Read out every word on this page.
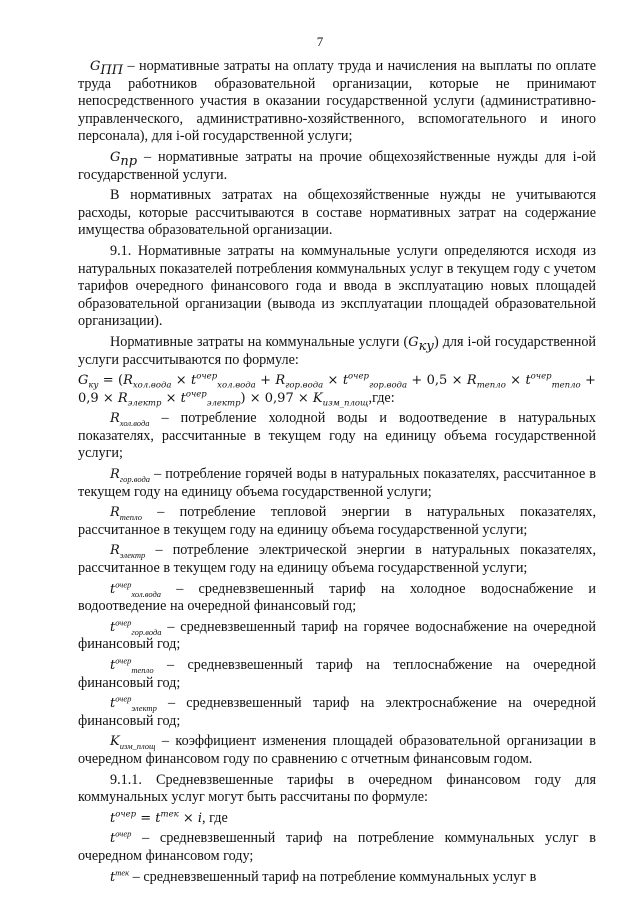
7

$G_{ПП}$ – нормативные затраты на оплату труда и начисления на выплаты по оплате труда работников образовательной организации, которые не принимают непосредственного участия в оказании государственной услуги (административно-управленческого, административно-хозяйственного, вспомогательного и иного персонала), для i-ой государственной услуги;

$G_{пр}$ – нормативные затраты на прочие общехозяйственные нужды для i-ой государственной услуги.

В нормативных затратах на общехозяйственные нужды не учитываются расходы, которые рассчитываются в составе нормативных затрат на содержание имущества образовательной организации.

9.1. Нормативные затраты на коммунальные услуги определяются исходя из натуральных показателей потребления коммунальных услуг в текущем году с учетом тарифов очередного финансового года и ввода в эксплуатацию новых площадей образовательной организации (вывода из эксплуатации площадей образовательной организации).

Нормативные затраты на коммунальные услуги $(G_{ку})$ для i-ой государственной услуги рассчитываются по формуле:

$G_{ку} = (R_{хол.вода} \times t^{очер}_{хол.вода} + R_{гор.вода} \times t^{очер}_{гор.вода} + 0,5 \times R_{тепло} \times t^{очер}_{тепло} + 0,9 \times R_{электр} \times t^{очер}_{электр}) \times 0,97 \times K_{изм\_площ},где$:

$R_{хол.вода}$ – потребление холодной воды и водоотведение в натуральных показателях, рассчитанные в текущем году на единицу объема государственной услуги;

$R_{гор.вода}$ – потребление горячей воды в натуральных показателях, рассчитанное в текущем году на единицу объема государственной услуги;

$R_{тепло}$ – потребление тепловой энергии в натуральных показателях, рассчитанное в текущем году на единицу объема государственной услуги;

$R_{электр}$ – потребление электрической энергии в натуральных показателях, рассчитанное в текущем году на единицу объема государственной услуги;

$t^{очер}_{хол.вода}$ – средневзвешенный тариф на холодное водоснабжение и водоотведение на очередной финансовый год;

$t^{очер}_{гор.вода}$ – средневзвешенный тариф на горячее водоснабжение на очередной финансовый год;

$t^{очер}_{тепло}$ – средневзвешенный тариф на теплоснабжение на очередной финансовый год;

$t^{очер}_{электр}$ – средневзвешенный тариф на электроснабжение на очередной финансовый год;

$K_{изм\_площ}$ – коэффициент изменения площадей образовательной организации в очередном финансовом году по сравнению с отчетным финансовым годом.

9.1.1. Средневзвешенные тарифы в очередном финансовом году для коммунальных услуг могут быть рассчитаны по формуле:

$t^{очер} = t^{тек} \times i$, где

$t^{очер}$ – средневзвешенный тариф на потребление коммунальных услуг в очередном финансовом году;

$t^{тек}$ – средневзвешенный тариф на потребление коммунальных услуг в
